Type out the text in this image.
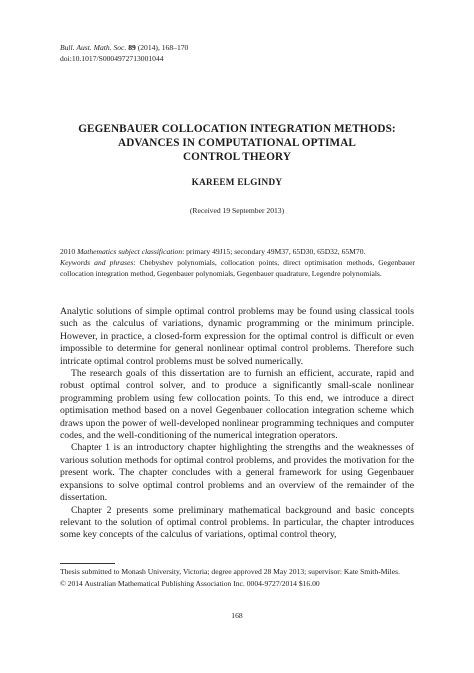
Bull. Aust. Math. Soc. 89 (2014), 168–170
doi:10.1017/S0004972713001044
GEGENBAUER COLLOCATION INTEGRATION METHODS:
ADVANCES IN COMPUTATIONAL OPTIMAL
CONTROL THEORY
KAREEM ELGINDY
(Received 19 September 2013)
2010 Mathematics subject classification: primary 49J15; secondary 49M37, 65D30, 65D32, 65M70.
Keywords and phrases: Chebyshev polynomials, collocation points, direct optimisation methods, Gegenbauer collocation integration method, Gegenbauer polynomials, Gegenbauer quadrature, Legendre polynomials.

Analytic solutions of simple optimal control problems may be found using classical tools such as the calculus of variations, dynamic programming or the minimum principle. However, in practice, a closed-form expression for the optimal control is difficult or even impossible to determine for general nonlinear optimal control problems. Therefore such intricate optimal control problems must be solved numerically.

The research goals of this dissertation are to furnish an efficient, accurate, rapid and robust optimal control solver, and to produce a significantly small-scale nonlinear programming problem using few collocation points. To this end, we introduce a direct optimisation method based on a novel Gegenbauer collocation integration scheme which draws upon the power of well-developed nonlinear programming techniques and computer codes, and the well-conditioning of the numerical integration operators.

Chapter 1 is an introductory chapter highlighting the strengths and the weaknesses of various solution methods for optimal control problems, and provides the motivation for the present work. The chapter concludes with a general framework for using Gegenbauer expansions to solve optimal control problems and an overview of the remainder of the dissertation.

Chapter 2 presents some preliminary mathematical background and basic concepts relevant to the solution of optimal control problems. In particular, the chapter introduces some key concepts of the calculus of variations, optimal control theory,

Thesis submitted to Monash University, Victoria; degree approved 28 May 2013; supervisor: Kate Smith-Miles.

© 2014 Australian Mathematical Publishing Association Inc. 0004-9727/2014 $16.00

168
